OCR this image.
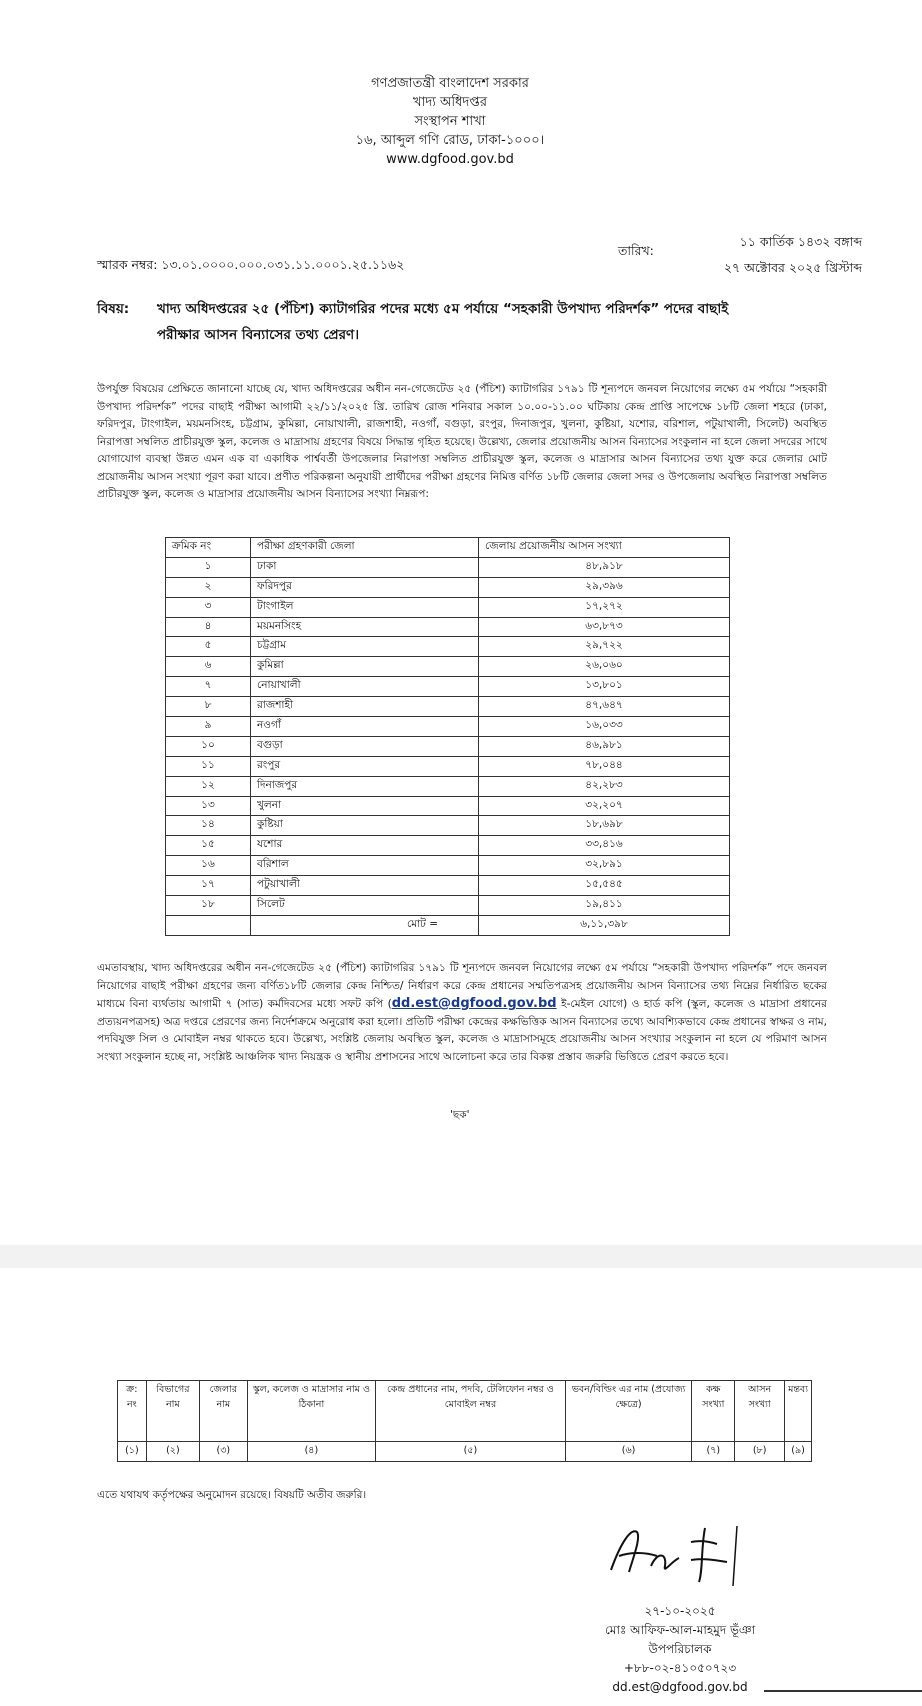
গণপ্রজাতন্ত্রী বাংলাদেশ সরকার
খাদ্য অধিদপ্তর
সংস্থাপন শাখা
১৬, আব্দুল গণি রোড, ঢাকা-১০০০।
www.dgfood.gov.bd
১১ কার্তিক ১৪৩২ বঙ্গাব্দ
২৭ অক্টোবর ২০২৫ খ্রিস্টাব্দ
তারিখ:
স্মারক নম্বর: ১৩.০১.০০০০.০০০.০৩১.১১.০০০১.২৫.১১৬২
বিষয়: খাদ্য অধিদপ্তরের ২৫ (পঁচিশ) ক্যাটাগরির পদের মধ্যে ৫ম পর্যায়ে “সহকারী উপখাদ্য পরিদর্শক” পদের বাছাই
পরীক্ষার আসন বিন্যাসের তথ্য প্রেরণ।
উপর্যুক্ত বিষয়ের প্রেক্ষিতে জানানো যাচ্ছে যে, খাদ্য অধিদপ্তরের অধীন নন-গেজেটেড ২৫ (পঁচিশ) ক্যাটাগরির ১৭৯১ টি শূন্যপদে জনবল নিয়োগের লক্ষ্যে ৫ম পর্যায়ে “সহকারী উপখাদ্য পরিদর্শক” পদের বাছাই পরীক্ষা আগামী ২২/১১/২০২৫ খ্রি. তারিখ রোজ শনিবার সকাল ১০.০০-১১.০০ ঘটিকায় কেন্দ্র প্রাপ্তি সাপেক্ষে ১৮টি জেলা শহরে (ঢাকা, ফরিদপুর, টাংগাইল, ময়মনসিংহ, চট্টগ্রাম, কুমিল্লা, নোয়াখালী, রাজশাহী, নওগাঁ, বগুড়া, রংপুর, দিনাজপুর, খুলনা, কুষ্টিয়া, যশোর, বরিশাল, পটুয়াখালী, সিলেট) অবস্থিত নিরাপত্তা সম্বলিত প্রাচীরযুক্ত স্কুল, কলেজ ও মাদ্রাসায় গ্রহণের বিষয়ে সিদ্ধান্ত গৃহিত হয়েছে। উল্লেখ্য, জেলার প্রয়োজনীয় আসন বিন্যাসের সংকুলান না হলে জেলা সদরের সাথে যোগাযোগ ব্যবস্থা উন্নত এমন এক বা একাধিক পার্শ্ববর্তী উপজেলার নিরাপত্তা সম্বলিত প্রাচীরযুক্ত স্কুল, কলেজ ও মাদ্রাসার আসন বিন্যাসের তথ্য যুক্ত করে জেলার মোট প্রয়োজনীয় আসন সংখ্যা পূরণ করা যাবে। প্রণীত পরিকল্পনা অনুযায়ী প্রার্থীদের পরীক্ষা গ্রহণের নিমিত্ত বর্ণিত ১৮টি জেলার জেলা সদর ও উপজেলায় অবস্থিত নিরাপত্তা সম্বলিত প্রাচীরযুক্ত স্কুল, কলেজ ও মাদ্রাসার প্রয়োজনীয় আসন বিন্যাসের সংখ্যা নিম্নরূপ:
ক্রমিক নং	পরীক্ষা গ্রহণকারী জেলা	জেলায় প্রয়োজনীয় আসন সংখ্যা
১	ঢাকা	৪৮,৯১৮
২	ফরিদপুর	২৯,৩৯৬
৩	টাংগাইল	১৭,২৭২
৪	ময়মনসিংহ	৬৩,৮৭৩
৫	চট্টগ্রাম	২৯,৭২২
৬	কুমিল্লা	২৬,০৬০
৭	নোয়াখালী	১৩,৮০১
৮	রাজশাহী	৪৭,৬৪৭
৯	নওগাঁ	১৬,০৩৩
১০	বগুড়া	৪৬,৯৮১
১১	রংপুর	৭৮,০৪৪
১২	দিনাজপুর	৪২,২৮৩
১৩	খুলনা	৩২,২০৭
১৪	কুষ্টিয়া	১৮,৬৯৮
১৫	যশোর	৩৩,৪১৬
১৬	বরিশাল	৩২,৮৯১
১৭	পটুয়াখালী	১৫,৫৪৫
১৮	সিলেট	১৯,৪১১
	মোট =	৬,১১,৩৯৮
এমতাবস্থায়, খাদ্য অধিদপ্তরের অধীন নন-গেজেটেড ২৫ (পঁচিশ) ক্যাটাগরির ১৭৯১ টি শূন্যপদে জনবল নিয়োগের লক্ষ্যে ৫ম পর্যায়ে “সহকারী উপখাদ্য পরিদর্শক” পদে জনবল নিয়োগের বাছাই পরীক্ষা গ্রহণের জন্য বর্ণিত১৮টি জেলার কেন্দ্র নিশ্চিত/ নির্ধারণ করে কেন্দ্র প্রধানের সম্মতিপত্রসহ প্রয়োজনীয় আসন বিন্যাসের তথ্য নিম্নের নির্ধারিত ছকের মাধ্যমে বিনা ব্যর্থতায় আগামী ৭ (সাত) কর্মদিবসের মধ্যে সফট কপি (dd.est@dgfood.gov.bd ই-মেইল যোগে) ও হার্ড কপি (স্কুল, কলেজ ও মাদ্রাসা প্রধানের প্রত্যয়নপত্রসহ) অত্র দপ্তরে প্রেরণের জন্য নির্দেশক্রমে অনুরোধ করা হলো। প্রতিটি পরীক্ষা কেন্দ্রের কক্ষভিত্তিক আসন বিন্যাসের তথ্যে আবশ্যিকভাবে কেন্দ্র প্রধানের স্বাক্ষর ও নাম, পদবিযুক্ত সিল ও মোবাইল নম্বর থাকতে হবে। উল্লেখ্য, সংশ্লিষ্ট জেলায় অবস্থিত স্কুল, কলেজ ও মাদ্রাসাসমূহে প্রয়োজনীয় আসন সংখ্যার সংকুলান না হলে যে পরিমাণ আসন সংখ্যা সংকুলান হচ্ছে না, সংশ্লিষ্ট আঞ্চলিক খাদ্য নিয়ন্ত্রক ও স্থানীয় প্রশাসনের সাথে আলোচনা করে তার বিকল্প প্রস্তাব জরুরি ভিত্তিতে প্রেরণ করতে হবে।
'ছক'
ক্র: নং	বিভাগের নাম	জেলার নাম	স্কুল, কলেজ ও মাদ্রাসার নাম ও ঠিকানা	কেন্দ্র প্রধানের নাম, পদবি, টেলিফোন নম্বর ও মোবাইল নম্বর	ভবন/বিল্ডিং এর নাম (প্রযোজ্য ক্ষেত্রে)	কক্ষ সংখ্যা	আসন সংখ্যা	মন্তব্য
(১)	(২)	(৩)	(৪)	(৫)	(৬)	(৭)	(৮)	(৯)
এতে যথাযথ কর্তৃপক্ষের অনুমোদন রয়েছে। বিষয়টি অতীব জরুরি।
২৭-১০-২০২৫
মোঃ আফিফ-আল-মাহমুদ ভূঁঞা
উপপরিচালক
+৮৮-০২-৪১০৫০৭২৩
dd.est@dgfood.gov.bd
